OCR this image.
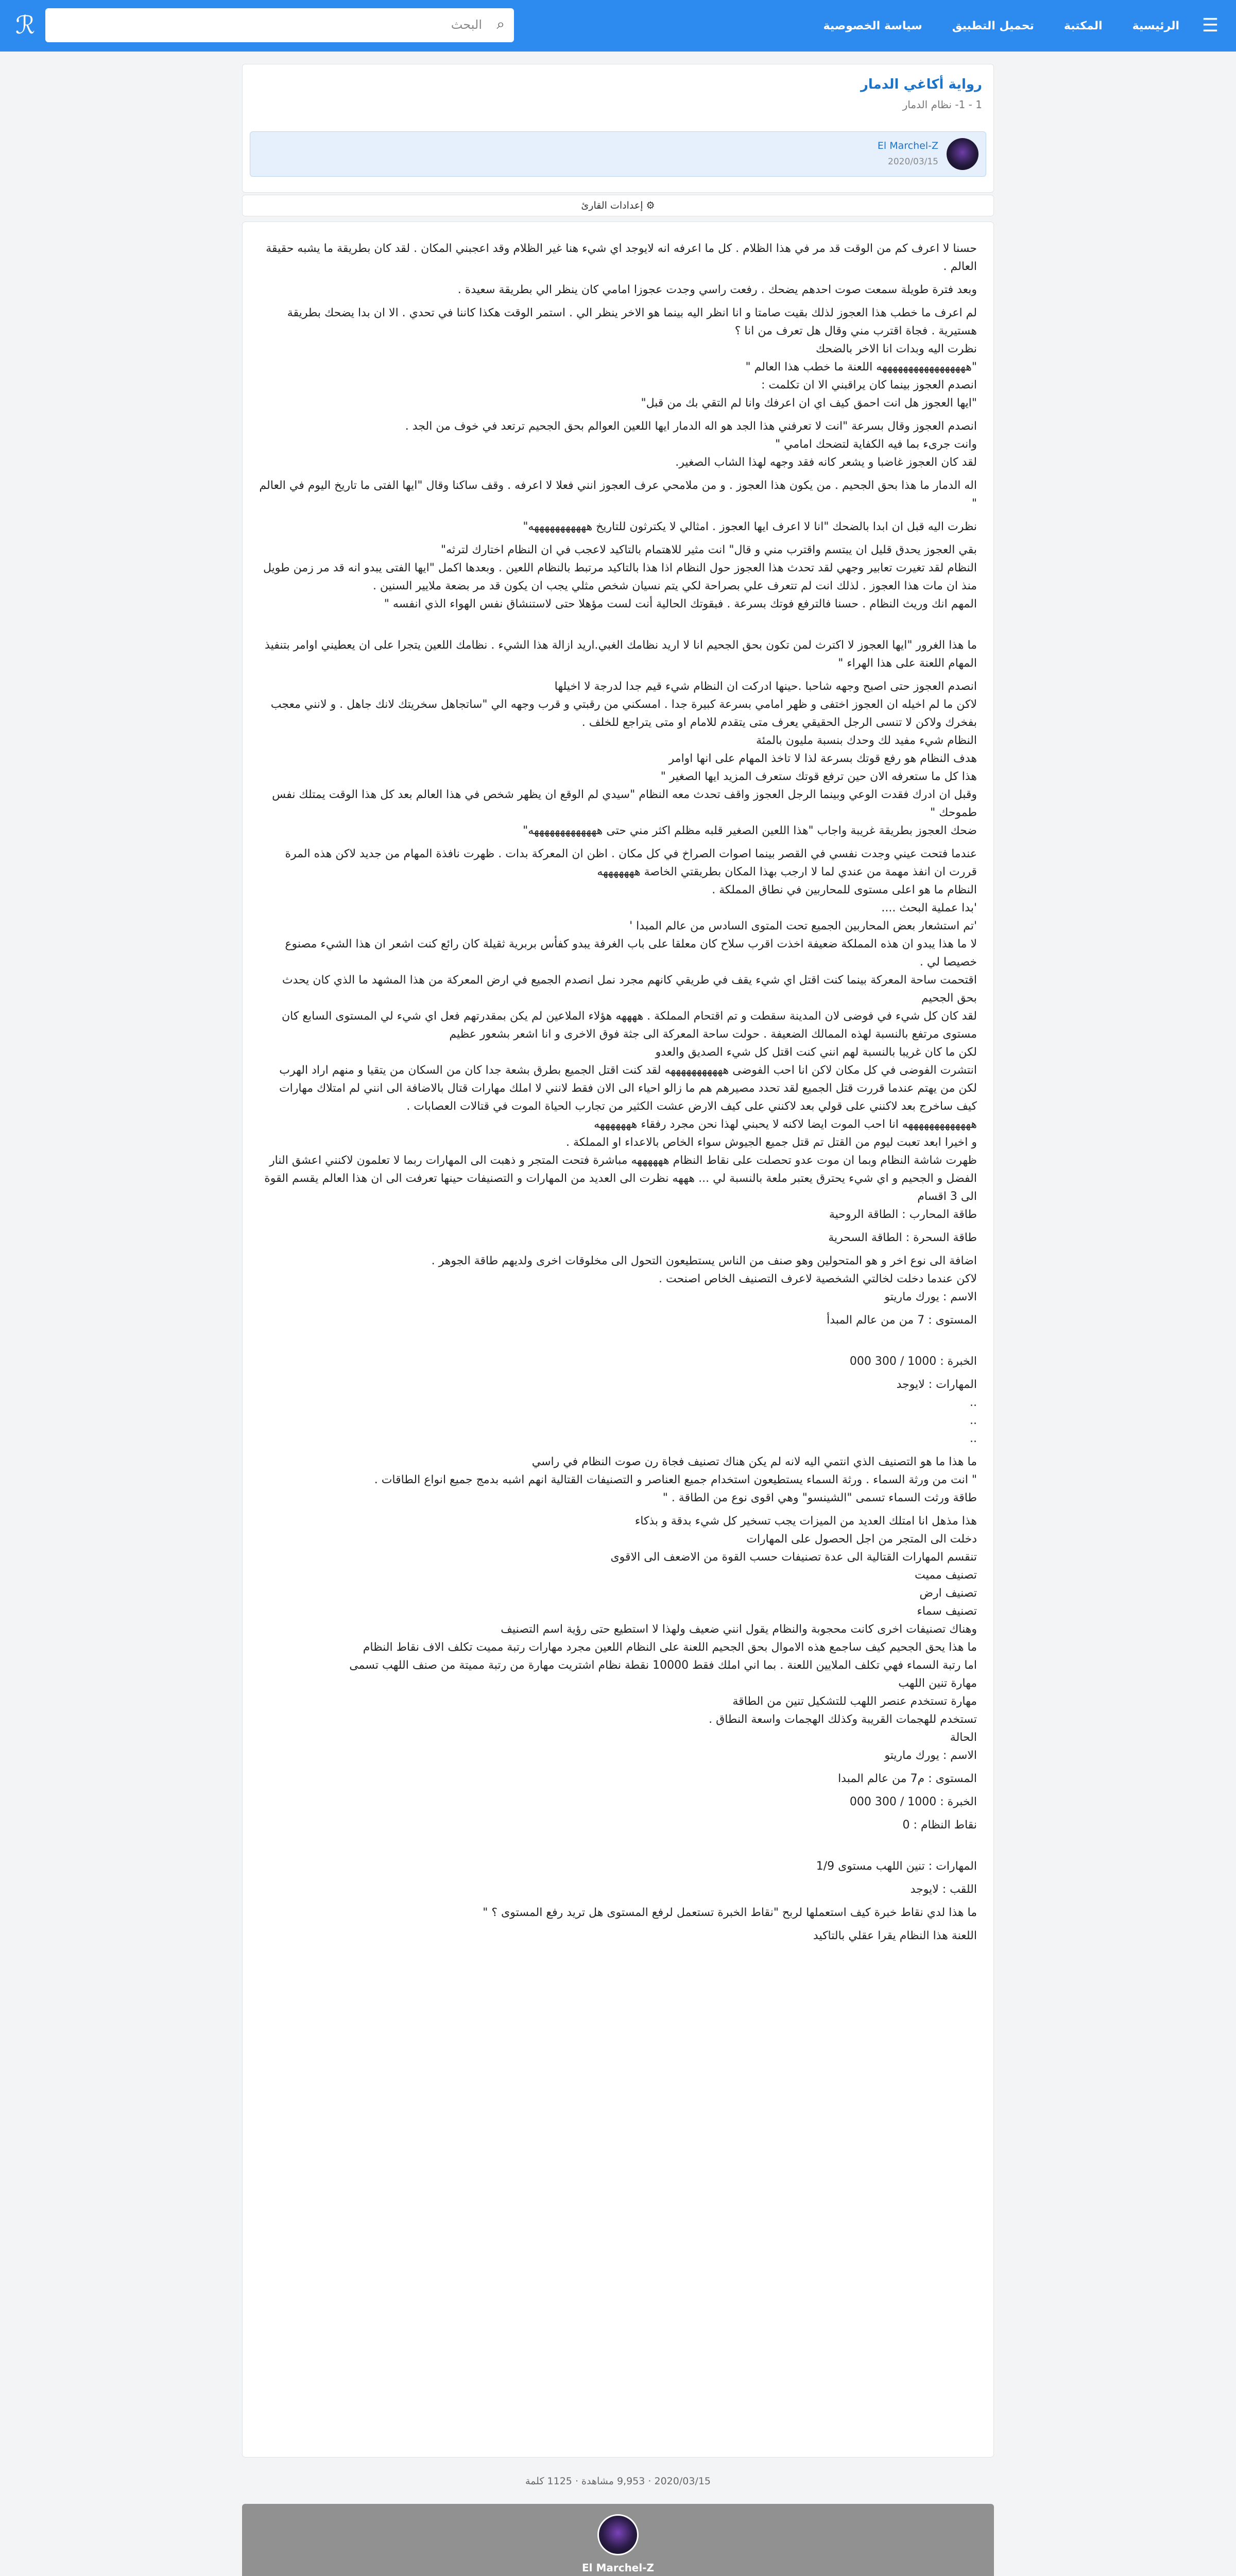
☰
الرئيسية
المكتبة
تحميل التطبيق
سياسة الخصوصية
⌕
البحث
ℛ
رواية أكاغي الدمار
1 - 1- نظام الدمار
El Marchel-Z
2020/03/15
⚙ إعدادات القارئ
حسنا لا اعرف كم من الوقت قد مر في هذا الظلام . كل ما اعرفه انه لايوجد اي شيء هنا غير الظلام وقد اعجبني المكان . لقد كان بطريقة ما يشبه حقيقة العالم .
وبعد فترة طويلة سمعت صوت احدهم يضحك . رفعت راسي وجدت عجوزا امامي كان ينظر الي بطريقة سعيدة .
لم اعرف ما خطب هذا العجوز لذلك بقيت صامتا و انا انظر اليه بينما هو الاخر ينظر الي . استمر الوقت هكذا كاننا في تحدي . الا ان بدا يضحك بطريقة هستيرية . فجاة اقترب مني وقال هل تعرف من انا ؟
نظرت اليه وبدات انا الاخر بالضحك
"هههههههههههههههههه اللعنة ما خطب هذا العالم "
انصدم العجوز بينما كان يراقبني الا ان تكلمت :
"ايها العجوز هل انت احمق كيف اي ان اعرفك وانا لم التقي بك من قبل"
انصدم العجوز وقال بسرعة "انت لا تعرفني هذا الجد هو اله الدمار ايها اللعين العوالم بحق الجحيم ترتعد في خوف من الجد .
وانت جرىء بما فيه الكفاية لتضحك امامي "
لقد كان العجوز غاضبا و يشعر كانه فقد وجهه لهذا الشاب الصغير.
اله الدمار ما هذا بحق الجحيم . من يكون هذا العجوز . و من ملامحي عرف العجوز انني فعلا لا اعرفه . وقف ساكنا وقال "ايها الفتى ما تاريخ اليوم في العالم "
نظرت اليه قبل ان ابدا بالضحك "انا لا اعرف ايها العجوز . امثالي لا يكترثون للتاريخ هههههههههههه"
بقي العجوز يحدق قليل ان يبتسم واقترب مني و قال" انت مثير للاهتمام بالتاكيد لاعجب في ان النظام اختارك لترثه"
النظام لقد تغيرت تعابير وجهي لقد تحدث هذا العجوز حول النظام اذا هذا بالتاكيد مرتبط بالنظام اللعين . وبعدها اكمل "ايها الفتى يبدو انه قد مر زمن طويل منذ ان مات هذا العجوز . لذلك انت لم تتعرف علي بصراحة لكي يتم نسيان شخص مثلي يجب ان يكون قد مر بضعة ملايير السنين .
المهم انك وريث النظام . حسنا فالترفع فوتك بسرعة . فبقوتك الحالية أنت لست مؤهلا حتى لاستنشاق نفس الهواء الذي انفسه "
ما هذا الغرور "ايها العجوز لا اكترث لمن تكون بحق الجحيم انا لا اريد نظامك الغبي.اريد ازالة هذا الشيء . نظامك اللعين يتجرا على ان يعطيني اوامر بتنفيذ المهام اللعنة على هذا الهراء "
انصدم العجوز حتى اصبح وجهه شاحبا .حينها ادركت ان النظام شيء قيم جدا لدرجة لا اخيلها
لاكن ما لم اخيله ان العجوز اختفى و ظهر امامي بسرعة كبيرة جدا . امسكني من رقبتي و قرب وجهه الي "ساتجاهل سخريتك لانك جاهل . و لانني معجب بفخرك ولاكن لا تنسى الرجل الحقيقي يعرف متى يتقدم للامام او متى يتراجع للخلف .
النظام شيء مفيد لك وحدك بنسبة مليون بالمئة
هدف النظام هو رفع قوتك بسرعة لذا لا تاخذ المهام على انها اوامر
هذا كل ما ستعرفه الان حين ترفع قوتك ستعرف المزيد ايها الصغير "
وقبل ان ادرك فقدت الوعي وبينما الرجل العجوز واقف تحدث معه النظام "سيدي لم الوقع ان يظهر شخص في هذا العالم بعد كل هذا الوقت يمتلك نفس طموحك "
ضحك العجوز بطريقة غريبة واجاب "هذا اللعين الصغير قلبه مظلم اكثر مني حتى هههههههههههههه"
عندما فتحت عيني وجدت نفسي في القصر بينما اصوات الصراخ في كل مكان . اظن ان المعركة بدات . ظهرت نافذة المهام من جديد لاكن هذه المرة قررت ان انفذ مهمة من عندي لما لا ارجب بهذا المكان بطريقتي الخاصة هههههههه
النظام ما هو اعلى مستوى للمحاربين في نطاق المملكة .
'بدا عملية البحث ....
'تم استشعار بعض المحاربين الجميع تحت المتوى السادس من عالم المبدا '
لا ما هذا يبدو ان هذه المملكة ضعيفة اخذت اقرب سلاح كان معلقا على باب الغرفة يبدو كفأس بربرية ثقيلة كان رائع كنت اشعر ان هذا الشيء مصنوع خصيصا لي .
اقتحمت ساحة المعركة بينما كنت اقتل اي شيء يقف في طريقي كانهم مجرد نمل انصدم الجميع في ارض المعركة من هذا المشهد ما الذي كان يحدث بحق الجحيم
لقد كان كل شيء في فوضى لان المدينة سقطت و تم اقتحام المملكة . ههههه هؤلاء الملاعين لم يكن بمقدرتهم فعل اي شيء لي المستوى السابع كان مستوى مرتفع بالنسبة لهذه الممالك الضعيفة . حولت ساحة المعركة الى جثة فوق الاخرى و انا اشعر بشعور عظيم
لكن ما كان غريبا بالنسبة لهم انني كنت اقتل كل شيء الصديق والعدو
انتشرت الفوضى في كل مكان لاكن انا احب الفوضى هههههههههههه لقد كنت اقتل الجميع بطرق بشعة جدا كان من السكان من يتقيا و منهم اراد الهرب لكن من يهتم عندما قررت قتل الجميع لقد تحدد مصيرهم هم ما زالو احياء الى الان فقط لانني لا املك مهارات قتال بالاضافة الى انني لم امتلاك مهارات كيف ساخرج بعد لاكنني على قولي بعد لاكنني على كيف الارض عشت الكثير من تجارب الحياة الموت في قتالات العصابات .
هههههههههههههه انا احب الموت ايضا لاكنه لا يحبني لهذا نحن مجرد رفقاء هههههههه
و اخيرا ابعد تعبت ليوم من القتل تم قتل جميع الجيوش سواء الخاص بالاعداء او المملكة .
ظهرت شاشة النظام وبما ان موت عدو تحصلت على نقاط النظام ههههههه مباشرة فتحت المتجر و ذهبت الى المهارات ربما لا تعلمون لاكنني اعشق النار
الفضل و الجحيم و اي شيء يحترق يعتبر ملعة بالنسبة لي ... هههه نظرت الى العديد من المهارات و التصنيفات حينها تعرفت الى ان هذا العالم يقسم القوة الى 3 اقسام
طاقة المحارب : الطاقة الروحية
طاقة السحرة : الطاقة السحرية
اضافة الى نوع اخر و هو المتحولين وهو صنف من الناس يستطيعون التحول الى مخلوقات اخرى ولديهم طاقة الجوهر .
لاكن عندما دخلت لخالتي الشخصية لاعرف التصنيف الخاص اصنحت .
الاسم : يورك ماريتو
المستوى : 7 من من عالم المبدأ
الخبرة : 1000 / 300 000
المهارات : لايوجد
..
..
..
ما هذا ما هو التصنيف الذي انتمي اليه لانه لم يكن هناك تصنيف فجاة رن صوت النظام في راسي
" انت من ورثة السماء . ورثة السماء يستطيعون استخدام جميع العناصر و التصنيفات القتالية انهم اشبه بدمج جميع انواع الطاقات .
طاقة ورثت السماء تسمى "الشينسو" وهي اقوى نوع من الطاقة . "
هذا مذهل انا امتلك العديد من الميزات يجب تسخير كل شيء بدقة و بذكاء
دخلت الى المتجر من اجل الحصول على المهارات
تنقسم المهارات القتالية الى عدة تصنيفات حسب القوة من الاضعف الى الاقوى
تصنيف مميت
تصنيف ارض
تصنيف سماء
وهناك تصنيفات اخرى كانت محجوبة والنظام يقول انني ضعيف ولهذا لا استطيع حتى رؤية اسم التصنيف
ما هذا يحق الجحيم كيف ساجمع هذه الاموال بحق الجحيم اللعنة على النظام اللعين مجرد مهارات رتبة مميت تكلف الاف نقاط النظام
اما رتبة السماء فهي تكلف الملايين اللعنة . بما اني املك فقط 10000 نقطة نظام اشتريت مهارة من رتبة مميتة من صنف اللهب تسمى
مهارة تنين اللهب
مهارة تستخدم عنصر اللهب للتشكيل تنين من الطاقة
تستخدم للهجمات القريبة وكذلك الهجمات واسعة النطاق .
الحالة
الاسم : يورك ماريتو
المستوى : م7 من عالم المبدا
الخبرة : 1000 / 300 000
نقاط النظام : 0
المهارات : تنين اللهب مستوى 1/9
اللقب : لايوجد
ما هذا لدي نقاط خبرة كيف استعملها لربح "نقاط الخبرة تستعمل لرفع المستوى هل تريد رفع المستوى ؟ "
اللعنة هذا النظام يقرا عقلي بالتاكيد
2020/03/15 · 9,953 مشاهدة · 1125 كلمة
El Marchel-Z
